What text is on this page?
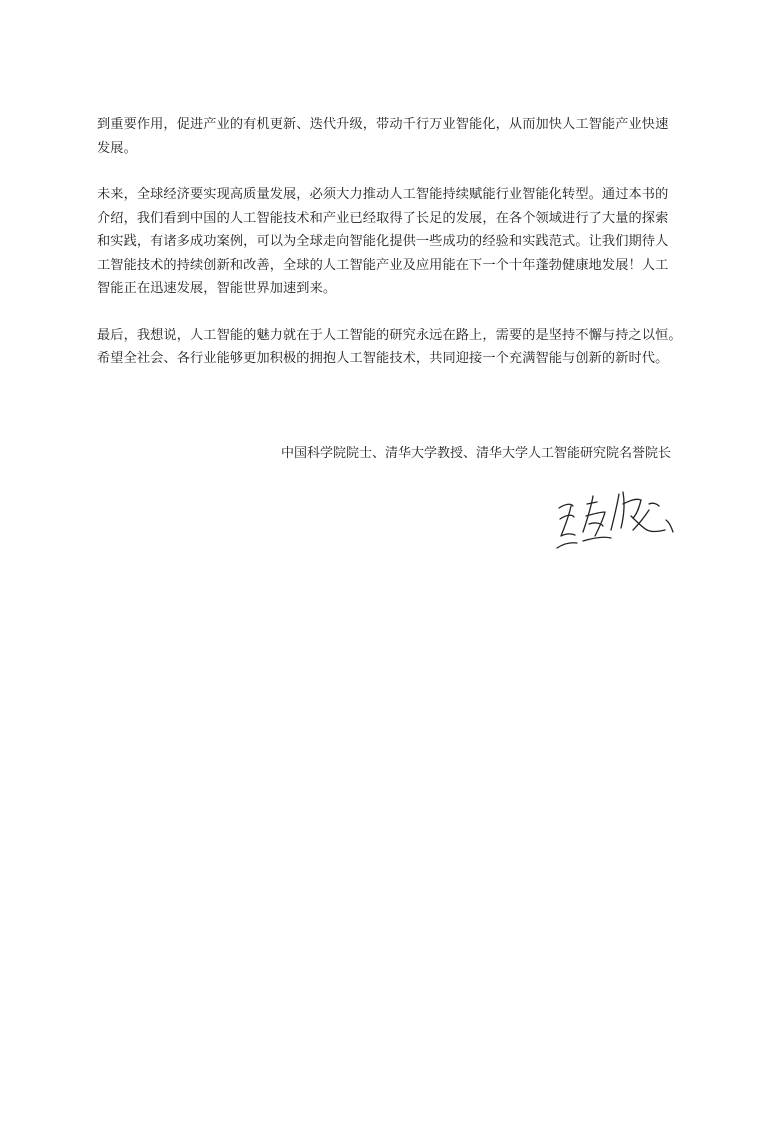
到重要作用，促进产业的有机更新、迭代升级，带动千行万业智能化，从而加快人工智能产业快速
发展。

未来，全球经济要实现高质量发展，必须大力推动人工智能持续赋能行业智能化转型。通过本书的
介绍，我们看到中国的人工智能技术和产业已经取得了长足的发展，在各个领域进行了大量的探索
和实践，有诸多成功案例，可以为全球走向智能化提供一些成功的经验和实践范式。让我们期待人
工智能技术的持续创新和改善，全球的人工智能产业及应用能在下一个十年蓬勃健康地发展！人工
智能正在迅速发展，智能世界加速到来。

最后，我想说，人工智能的魅力就在于人工智能的研究永远在路上，需要的是坚持不懈与持之以恒。
希望全社会、各行业能够更加积极的拥抱人工智能技术，共同迎接一个充满智能与创新的新时代。

中国科学院院士、清华大学教授、清华大学人工智能研究院名誉院长
